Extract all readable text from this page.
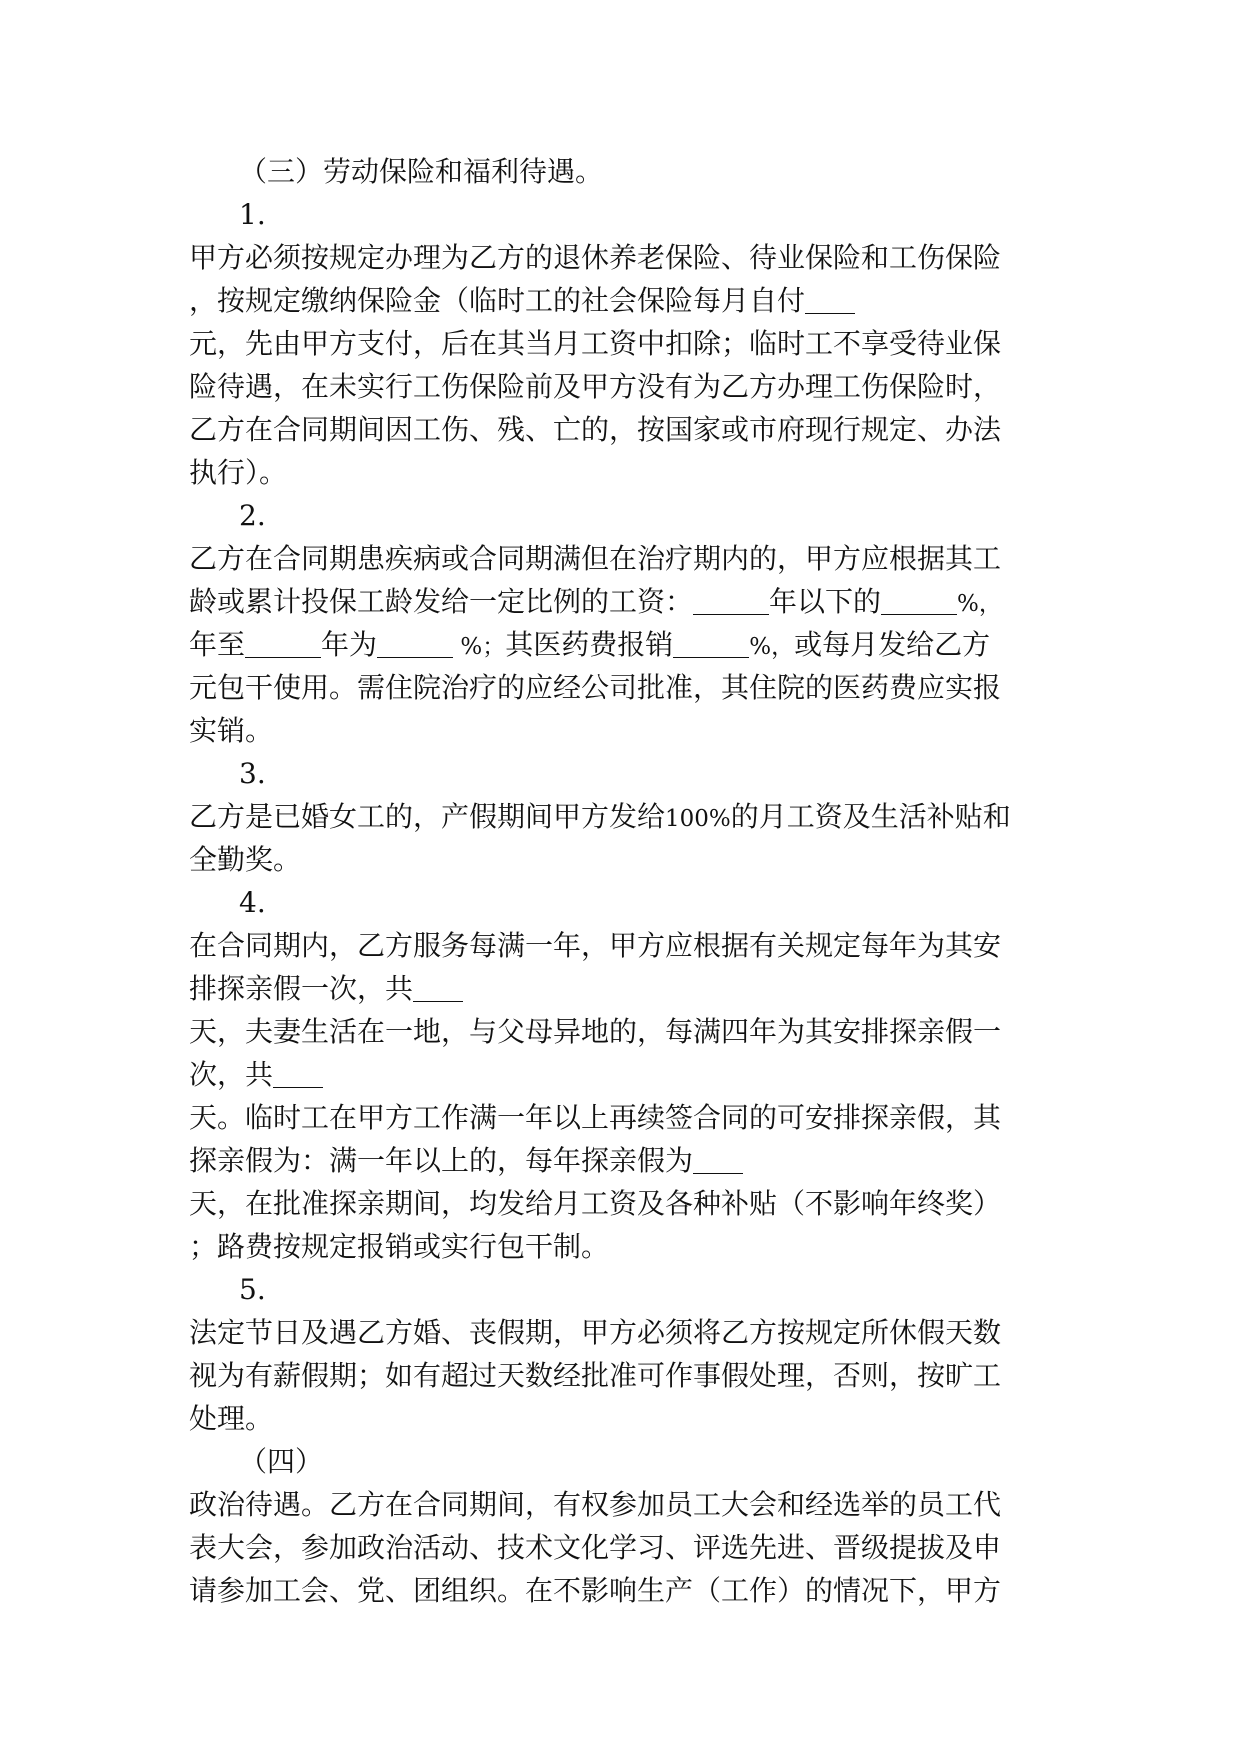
（三）劳动保险和福利待遇。
1.
甲方必须按规定办理为乙方的退休养老保险、待业保险和工伤保险
，按规定缴纳保险金（临时工的社会保险每月自付
元，先由甲方支付，后在其当月工资中扣除；临时工不享受待业保
险待遇，在未实行工伤保险前及甲方没有为乙方办理工伤保险时，
乙方在合同期间因工伤、残、亡的，按国家或市府现行规定、办法
执行）。
2.
乙方在合同期患疾病或合同期满但在治疗期内的，甲方应根据其工
龄或累计投保工龄发给一定比例的工资：	年以下的	%，
年至	年为	%；其医药费报销	%，或每月发给乙方
元包干使用。需住院治疗的应经公司批准，其住院的医药费应实报
实销。
3.
乙方是已婚女工的，产假期间甲方发给100%的月工资及生活补贴和
全勤奖。
4.
在合同期内，乙方服务每满一年，甲方应根据有关规定每年为其安
排探亲假一次，共
天，夫妻生活在一地，与父母异地的，每满四年为其安排探亲假一
次，共
天。临时工在甲方工作满一年以上再续签合同的可安排探亲假，其
探亲假为：满一年以上的，每年探亲假为
天，在批准探亲期间，均发给月工资及各种补贴（不影响年终奖）
；路费按规定报销或实行包干制。
5.
法定节日及遇乙方婚、丧假期，甲方必须将乙方按规定所休假天数
视为有薪假期；如有超过天数经批准可作事假处理，否则，按旷工
处理。
（四）
政治待遇。乙方在合同期间，有权参加员工大会和经选举的员工代
表大会，参加政治活动、技术文化学习、评选先进、晋级提拔及申
请参加工会、党、团组织。在不影响生产（工作）的情况下，甲方
